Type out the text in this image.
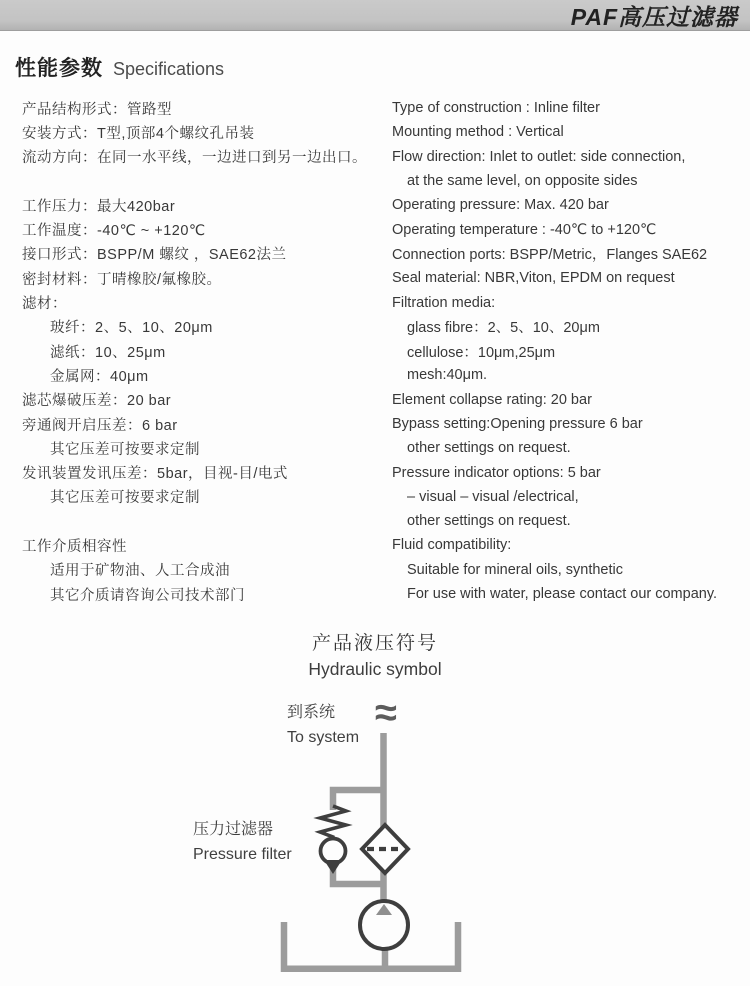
PAF高压过滤器
性能参数 Specifications
产品结构形式：管路型	Type of construction : Inline filter
安装方式：T型,顶部4个螺纹孔吊装	Mounting method : Vertical
流动方向：在同一水平线，一边进口到另一边出口。	Flow direction: Inlet to outlet: side connection,
at the same level, on opposite sides
工作压力：最大420bar	Operating pressure: Max. 420 bar
工作温度：-40℃ ~ +120℃	Operating temperature : -40℃ to +120℃
接口形式：BSPP/M 螺纹 ，SAE62法兰	Connection ports: BSPP/Metric，Flanges SAE62
密封材料：丁晴橡胶/氟橡胶。	Seal material: NBR,Viton, EPDM on request
滤材：	Filtration media:
玻纤：2、5、10、20μm	glass fibre：2、5、10、20μm
滤纸：10、25μm	cellulose：10μm,25μm
金属网：40μm	mesh:40μm.
滤芯爆破压差：20 bar	Element collapse rating: 20 bar
旁通阀开启压差：6 bar	Bypass setting:Opening pressure 6 bar
其它压差可按要求定制	other settings on request.
发讯装置发讯压差：5bar，目视-目/电式	Pressure indicator options: 5 bar
其它压差可按要求定制	– visual – visual /electrical,
other settings on request.
工作介质相容性	Fluid compatibility:
适用于矿物油、人工合成油	Suitable for mineral oils, synthetic
其它介质请咨询公司技术部门	For use with water, please contact our company.
产品液压符号
Hydraulic symbol
到系统
To system
压力过滤器
Pressure filter
≈
